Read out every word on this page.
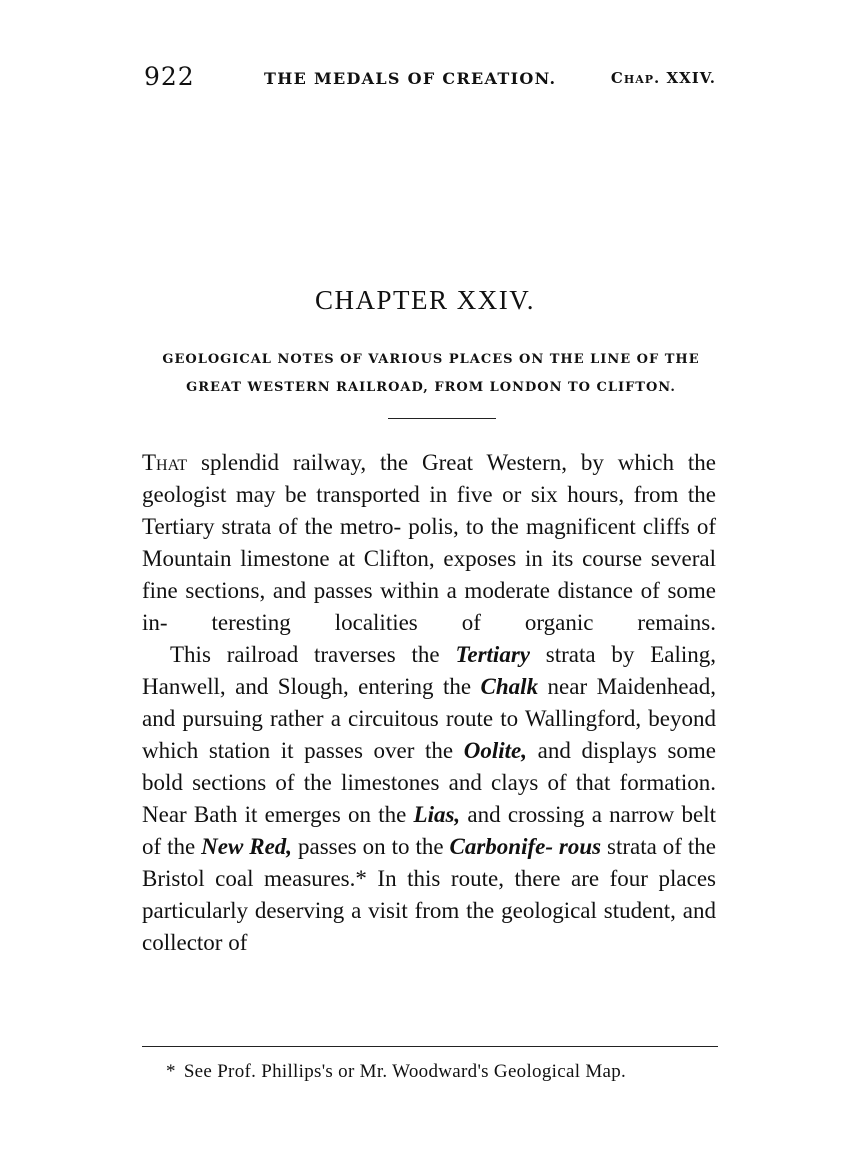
922	THE MEDALS OF CREATION.	Chap. XXIV.
CHAPTER XXIV.
GEOLOGICAL NOTES OF VARIOUS PLACES ON THE LINE OF THE
GREAT WESTERN RAILROAD, FROM LONDON TO CLIFTON.

That splendid railway, the Great Western, by which the geologist may be transported in five or six hours, from the Tertiary strata of the metro- polis, to the magnificent cliffs of Mountain limestone at Clifton, exposes in its course several fine sections, and passes within a moderate distance of some in- teresting localities of organic remains.

This railroad traverses the Tertiary strata by Ealing, Hanwell, and Slough, entering the Chalk near Maidenhead, and pursuing rather a circuitous route to Wallingford, beyond which station it passes over the Oolite, and displays some bold sections of the limestones and clays of that formation. Near Bath it emerges on the Lias, and crossing a narrow belt of the New Red, passes on to the Carbonife- rous strata of the Bristol coal measures.* In this route, there are four places particularly deserving a visit from the geological student, and collector of

* See Prof. Phillips's or Mr. Woodward's Geological Map.
